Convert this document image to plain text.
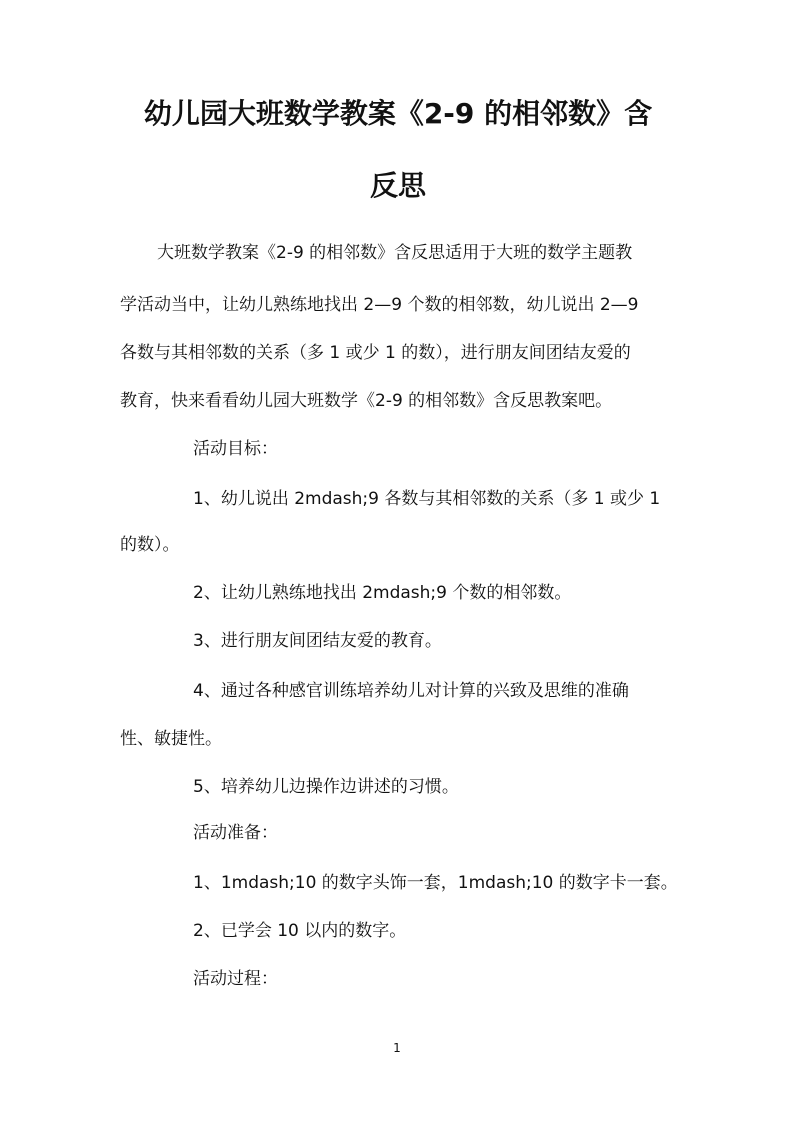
幼儿园大班数学教案《2-9 的相邻数》含
反思
大班数学教案《2-9 的相邻数》含反思适用于大班的数学主题教
学活动当中，让幼儿熟练地找出 2—9 个数的相邻数，幼儿说出 2—9
各数与其相邻数的关系（多 1 或少 1 的数），进行朋友间团结友爱的
教育，快来看看幼儿园大班数学《2-9 的相邻数》含反思教案吧。
活动目标：
1、幼儿说出 2mdash;9 各数与其相邻数的关系（多 1 或少 1
的数）。
2、让幼儿熟练地找出 2mdash;9 个数的相邻数。
3、进行朋友间团结友爱的教育。
4、通过各种感官训练培养幼儿对计算的兴致及思维的准确
性、敏捷性。
5、培养幼儿边操作边讲述的习惯。
活动准备：
1、1mdash;10 的数字头饰一套，1mdash;10 的数字卡一套。
2、已学会 10 以内的数字。
活动过程：
1
